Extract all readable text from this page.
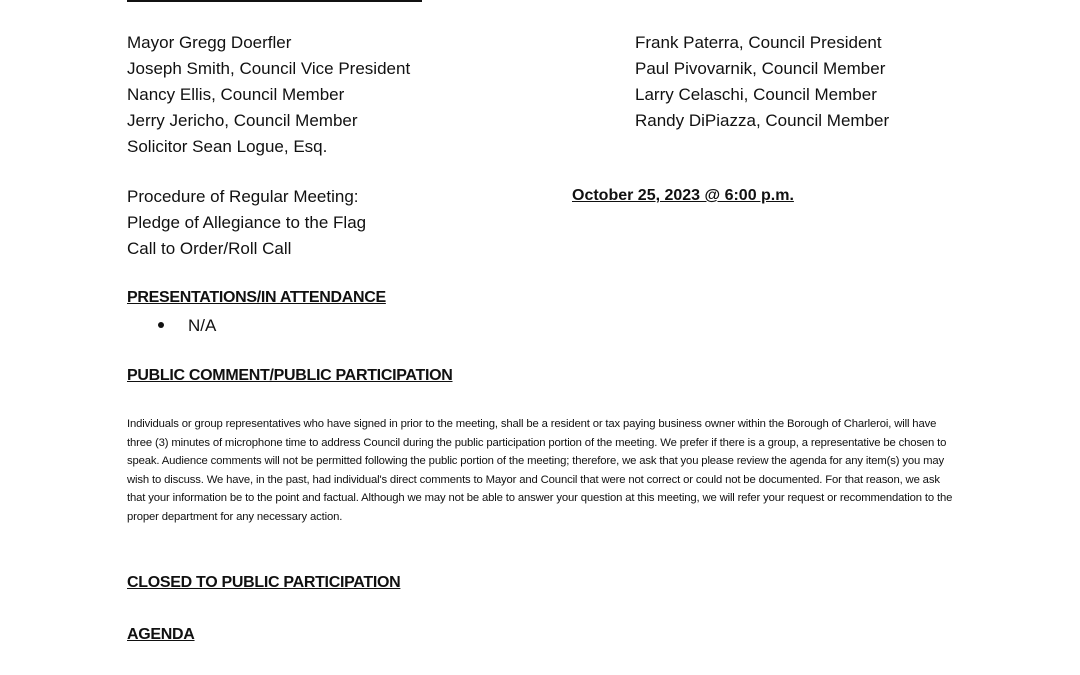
Mayor Gregg Doerfler
Joseph Smith, Council Vice President
Nancy Ellis, Council Member
Jerry Jericho, Council Member
Solicitor Sean Logue, Esq.
Frank Paterra, Council President
Paul Pivovarnik, Council Member
Larry Celaschi, Council Member
Randy DiPiazza, Council Member
Procedure of Regular Meeting:
Pledge of Allegiance to the Flag
Call to Order/Roll Call
October 25, 2023 @ 6:00 p.m.
PRESENTATIONS/IN ATTENDANCE
N/A
PUBLIC COMMENT/PUBLIC PARTICIPATION
Individuals or group representatives who have signed in prior to the meeting, shall be a resident or tax paying business owner within the Borough of Charleroi, will have three (3) minutes of microphone time to address Council during the public participation portion of the meeting. We prefer if there is a group, a representative be chosen to speak. Audience comments will not be permitted following the public portion of the meeting; therefore, we ask that you please review the agenda for any item(s) you may wish to discuss. We have, in the past, had individual's direct comments to Mayor and Council that were not correct or could not be documented. For that reason, we ask that your information be to the point and factual. Although we may not be able to answer your question at this meeting, we will refer your request or recommendation to the proper department for any necessary action.
CLOSED TO PUBLIC PARTICIPATION
AGENDA
